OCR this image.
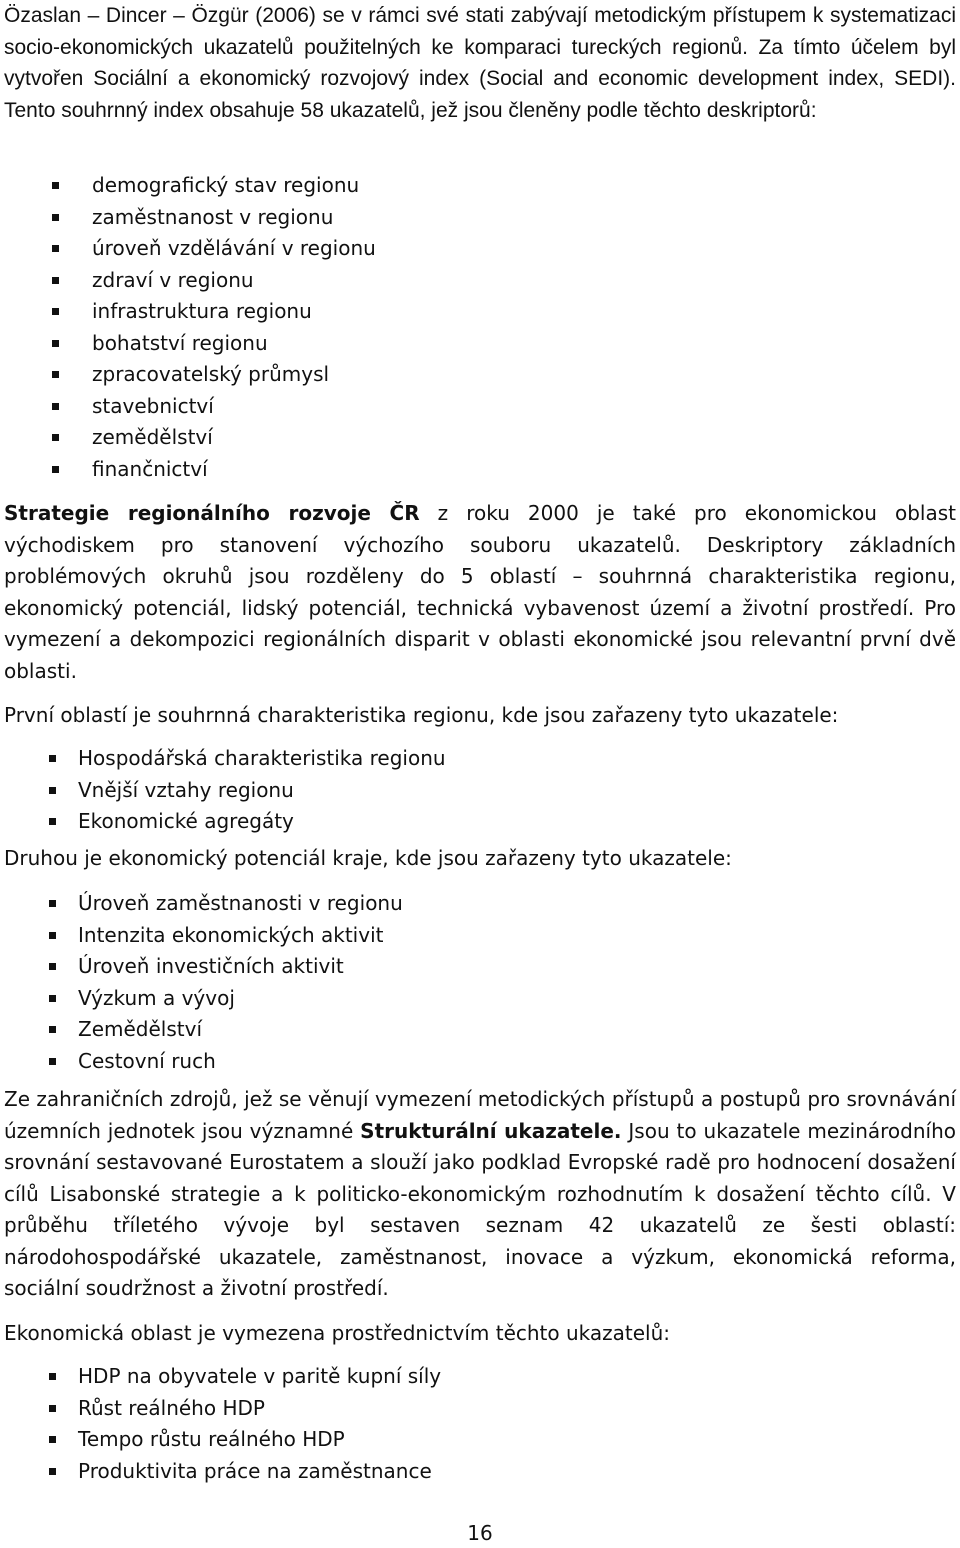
Özaslan – Dincer – Özgür (2006) se v rámci své stati zabývají metodickým přístupem k systematizaci socio-ekonomických ukazatelů použitelných ke komparaci tureckých regionů. Za tímto účelem byl vytvořen Sociální a ekonomický rozvojový index (Social and economic development index, SEDI). Tento souhrnný index obsahuje 58 ukazatelů, jež jsou členěny podle těchto deskriptorů:

demografický stav regionu
zaměstnanost v regionu
úroveň vzdělávání v regionu
zdraví v regionu
infrastruktura regionu
bohatství regionu
zpracovatelský průmysl
stavebnictví
zemědělství
finančnictví

Strategie regionálního rozvoje ČR z roku 2000 je také pro ekonomickou oblast východiskem pro stanovení výchozího souboru ukazatelů. Deskriptory základních problémových okruhů jsou rozděleny do 5 oblastí – souhrnná charakteristika regionu, ekonomický potenciál, lidský potenciál, technická vybavenost území a životní prostředí. Pro vymezení a dekompozici regionálních disparit v oblasti ekonomické jsou relevantní první dvě oblasti.

První oblastí je souhrnná charakteristika regionu, kde jsou zařazeny tyto ukazatele:

Hospodářská charakteristika regionu
Vnější vztahy regionu
Ekonomické agregáty

Druhou je ekonomický potenciál kraje, kde jsou zařazeny tyto ukazatele:

Úroveň zaměstnanosti v regionu
Intenzita ekonomických aktivit
Úroveň investičních aktivit
Výzkum a vývoj
Zemědělství
Cestovní ruch

Ze zahraničních zdrojů, jež se věnují vymezení metodických přístupů a postupů pro srovnávání územních jednotek jsou významné Strukturální ukazatele. Jsou to ukazatele mezinárodního srovnání sestavované Eurostatem a slouží jako podklad Evropské radě pro hodnocení dosažení cílů Lisabonské strategie a k politicko-ekonomickým rozhodnutím k dosažení těchto cílů. V průběhu tříletého vývoje byl sestaven seznam 42 ukazatelů ze šesti oblastí: národohospodářské ukazatele, zaměstnanost, inovace a výzkum, ekonomická reforma, sociální soudržnost a životní prostředí.

Ekonomická oblast je vymezena prostřednictvím těchto ukazatelů:

HDP na obyvatele v paritě kupní síly
Růst reálného HDP
Tempo růstu reálného HDP
Produktivita práce na zaměstnance
16
